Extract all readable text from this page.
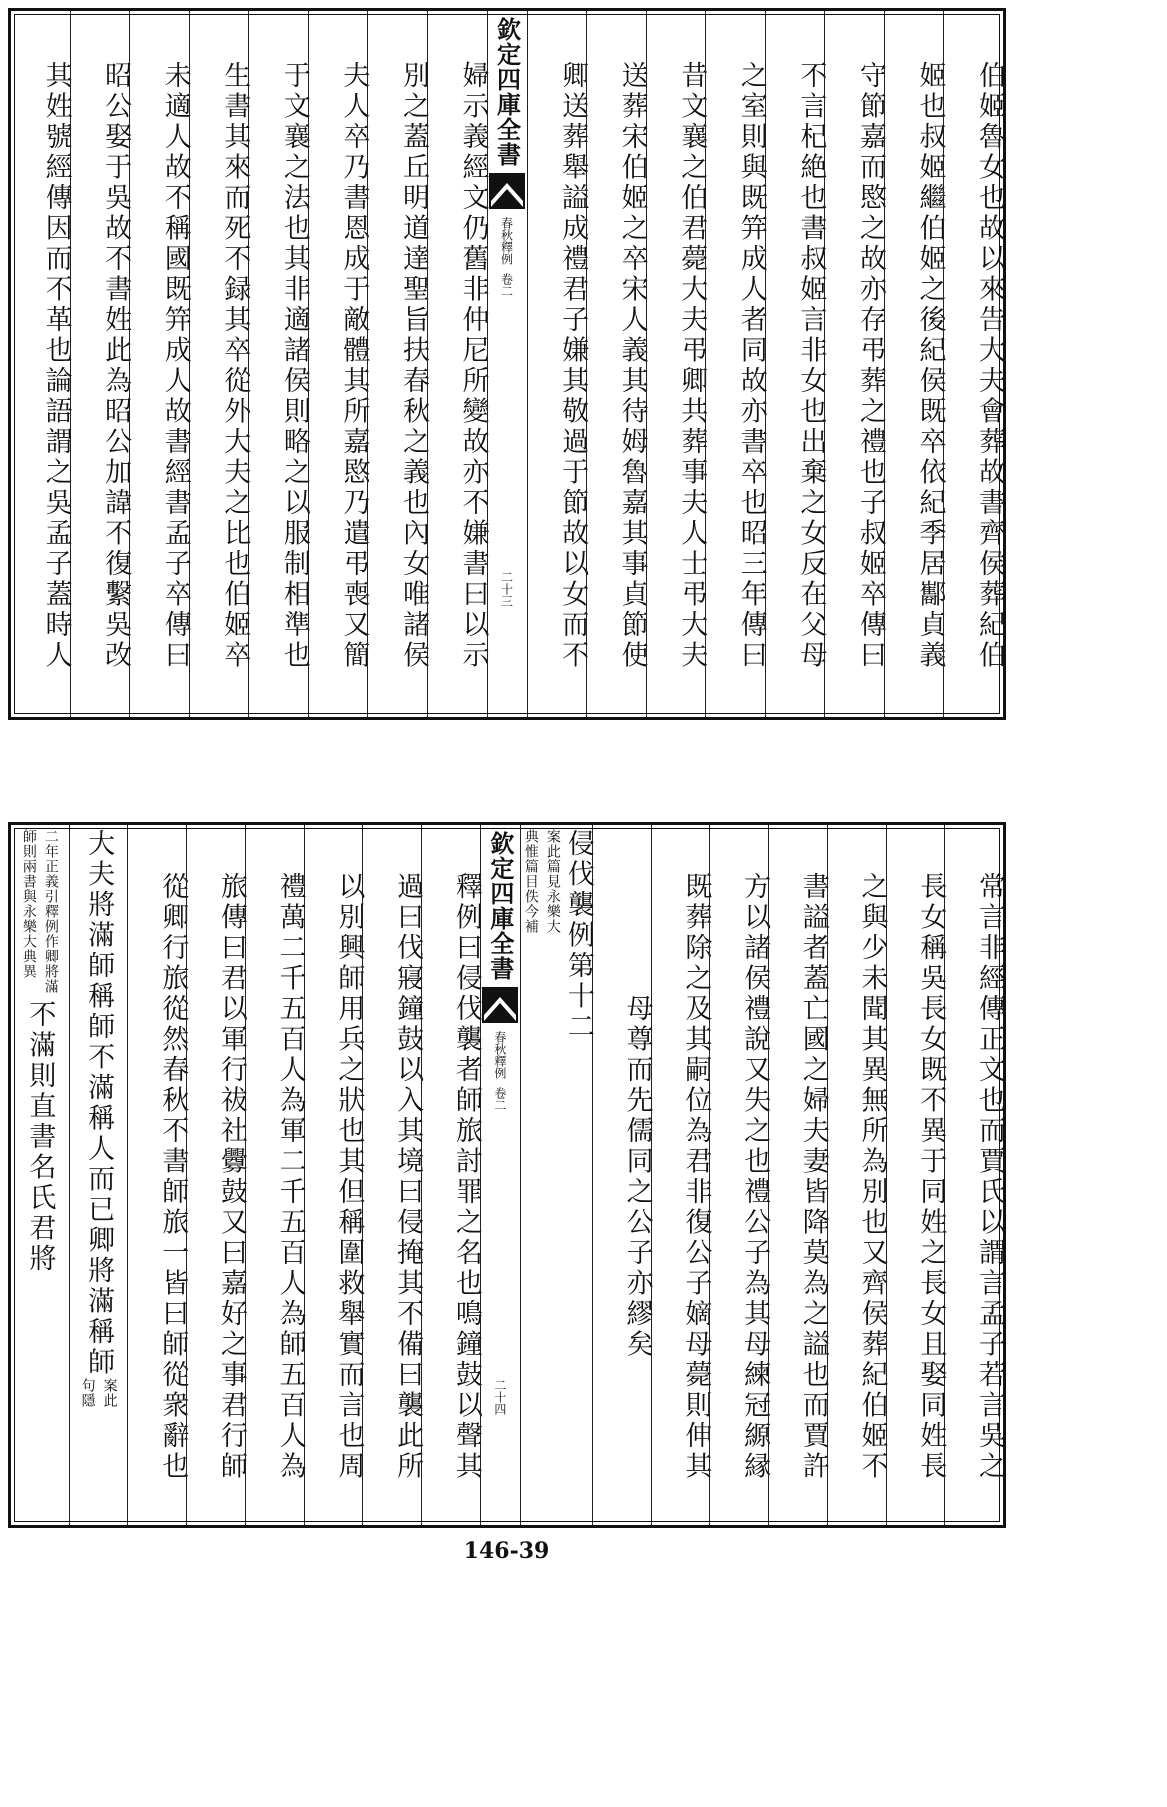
伯姬魯女也故以來告大夫會葬故書齊侯葬紀伯
姬也叔姬繼伯姬之後紀侯既卒依紀季居酅貞義
守節嘉而愍之故亦存弔葬之禮也子叔姬卒傳曰
不言杞絶也書叔姬言非女也出棄之女反在父母
之室則與既笄成人者同故亦書卒也昭三年傳曰
昔文襄之伯君薨大夫弔卿共葬事夫人士弔大夫
送葬宋伯姬之卒宋人義其待姆魯嘉其事貞節使
卿送葬舉謚成禮君子嫌其敬過于節故以女而不
欽定四庫全書
春秋釋例
卷二
二十三
婦示義經文仍舊非仲尼所變故亦不嫌書曰以示
別之蓋丘明道達聖旨扶春秋之義也內女唯諸侯
夫人卒乃書恩成于敵體其所嘉愍乃遣弔喪又簡
于文襄之法也其非適諸侯則略之以服制相準也
生書其來而死不録其卒從外大夫之比也伯姬卒
未適人故不稱國既笄成人故書經書孟子卒傳曰
昭公娶于吳故不書姓此為昭公加諱不復繫吳改
其姓號經傳因而不革也論語謂之吳孟子蓋時人
常言非經傳正文也而賈氏以謂言孟子若言吳之
長女稱吳長女既不異于同姓之長女且娶同姓長
之與少未聞其異無所為別也又齊侯葬紀伯姬不
書謚者蓋亡國之婦夫妻皆降莫為之謚也而賈許
方以諸侯禮說又失之也禮公子為其母練冠縓縁
既葬除之及其嗣位為君非復公子嫡母薨則伸其
母尊而先儒同之公子亦繆矣
侵伐襲例第十二
案此篇見永樂大
典惟篇目佚今補
欽定四庫全書
春秋釋例
卷二
二十四
釋例曰侵伐襲者師旅討罪之名也鳴鐘鼓以聲其
過曰伐寢鐘鼓以入其境曰侵掩其不備曰襲此所
以別興師用兵之狀也其但稱圍救舉實而言也周
禮萬二千五百人為軍二千五百人為師五百人為
旅傳曰君以軍行祓社釁鼓又曰嘉好之事君行師
從卿行旅從然春秋不書師旅一皆曰師從衆辭也
大夫將滿師稱師不滿稱人而已卿將滿稱師
案此
句隱
二年正義引釋例作卿將滿
師則兩書與永樂大典異
不滿則直書名氏君將
146-39
